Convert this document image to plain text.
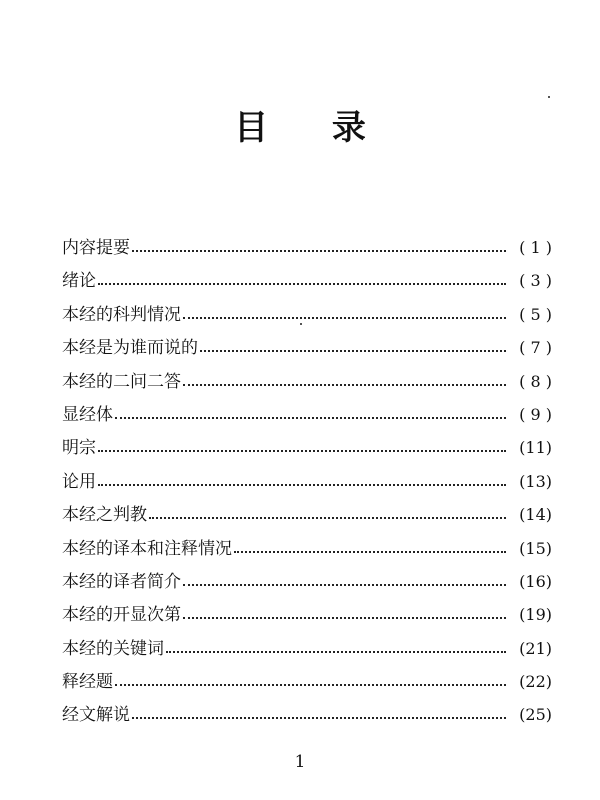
目 录
内容提要	( 1 )
绪论	( 3 )
本经的科判情况	( 5 )
本经是为谁而说的	( 7 )
本经的二问二答	( 8 )
显经体	( 9 )
明宗	(11)
论用	(13)
本经之判教	(14)
本经的译本和注释情况	(15)
本经的译者简介	(16)
本经的开显次第	(19)
本经的关键词	(21)
释经题	(22)
经文解说	(25)
1
